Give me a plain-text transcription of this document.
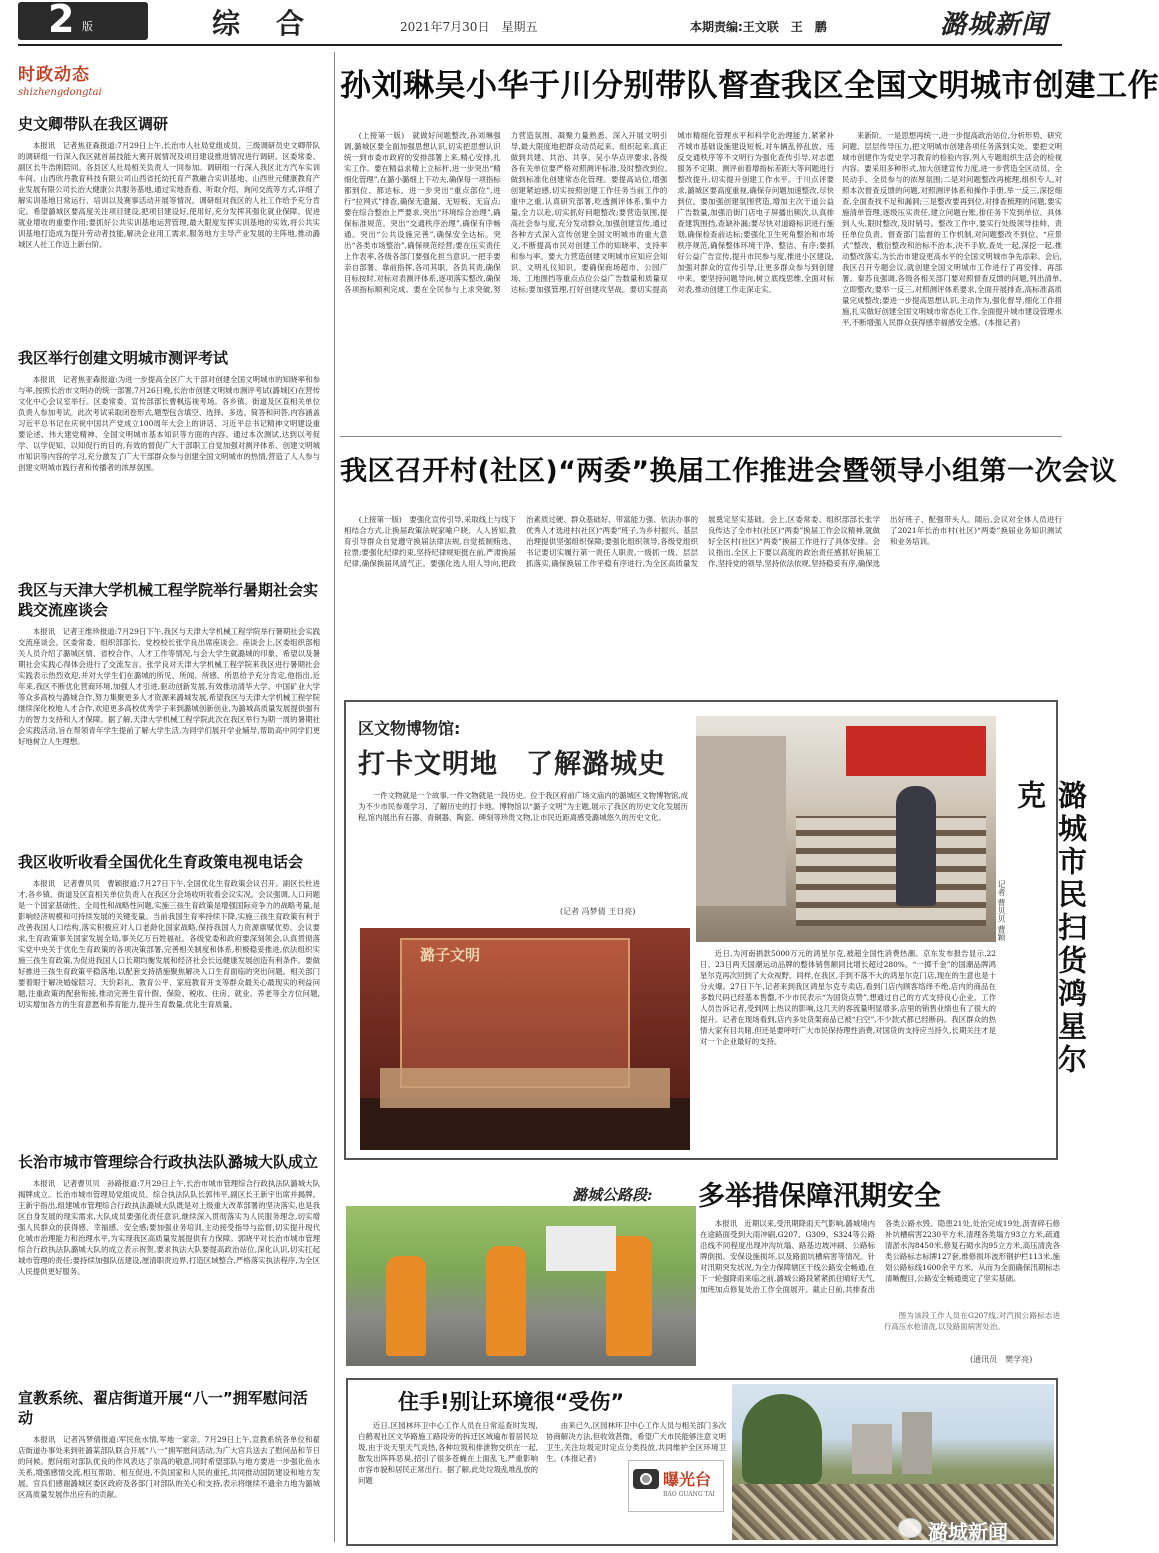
2 版	综　合	2021年7月30日　星期五	本期责编:王文联　王　鹏	潞城新闻
时政动态
shizhengdongtai
史文卿带队在我区调研
本报讯　记者焦亚森报道:7月29日上午,长治市人社局党组成员、三级调研员史文卿带队的调研组一行深入我区就首届技能大赛开展情况及项目建设推进情况进行调研。区委常委、副区长牛浩刚陪同。各县区人社局相关负责人一同参加。调研组一行深入我区北方汽车实训车间、山西欣丹教育科技有限公司山西省托幼托育产教融合实训基地、山西世元健康教育产业发展有限公司长治大健康公共服务基地,通过实地查看、听取介绍、询问交流等方式,详细了解实训基地日常运行、培训以及赛事活动开展等情况。调研组对我区的人社工作给予充分肯定。希望潞城区要高度关注项目建设,把项目建设好,使用好,充分发挥其强化就业保障、促进就业增收的重要作用;要抓好公共实训基地运营管理,最大限度发挥实训基地的实效,将公共实训基地打造成为提升劳动者技能,解决企业用工需求,服务地方主导产业发展的主阵地,推动潞城区人社工作迈上新台阶。
我区举行创建文明城市测评考试
本报讯　记者焦亚森报道:为进一步提高全区广大干部对创建全国文明城市的知晓率和参与率,按照长治市文明办的统一部署,7月26日晚,长治市创建文明城市测评考试(潞城区)在营传文化中心会议室举行。区委常委、宣传部部长曹枫巡视考场。各乡镇、街道及区直相关单位负责人参加考试。此次考试采取闭卷形式,题型包含填空、选择、多选、简答和问答,内容涵盖习近平总书记在庆祝中国共产党成立100周年大会上的讲话、习近平总书记精神文明建设重要论述、伟大建党精神、全国文明城市基本知识等方面的内容。通过本次测试,达到以考促学、以学促知、以知促行的目的,有效的督促广大干部职工自觉加强对测评体系、创建文明城市知识等内容的学习,充分激发了广大干部群众参与创建全国文明城市的热情,营造了人人参与创建文明城市践行者和传播者的浓厚氛围。
我区与天津大学机械工程学院举行暑期社会实践交流座谈会
本报讯　记者王维珍报道:7月29日下午,我区与天津大学机械工程学院举行暑期社会实践交流座谈会。区委常委、组织部部长、党校校长张学良出席座谈会。座谈会上,区委组织部相关人员介绍了潞城区情、省校合作、人才工作等情况,与会大学生就潞城的印象、希望以及暑期社会实践心得体会进行了交流发言。张学良对天津大学机械工程学院来我区进行暑期社会实践表示热烈欢迎,并对大学生们在潞城的所见、所闻、所感、所思给予充分肯定,他指出,近年来,我区不断优化营商环境,加强人才引进,驱动创新发展,有效推动清华大学、中国矿业大学等众多高校与潞城合作,努力集聚更多人才资源来潞城发展,希望我区与天津大学机械工程学院继续深化校地人才合作,欢迎更多高校优秀学子来到潞城创新创业,为潞城高质量发展提供强有力的智力支持和人才保障。据了解,天津大学机械工程学院此次在我区举行为期一周的暑期社会实践活动,旨在帮领青年学生提前了解大学生活,为同学们展开学业辅导,帮助高中同学们更好地树立人生理想。
我区收听收看全国优化生育政策电视电话会
本报讯　记者曹贝贝　曹颖报道:7月27日下午,全国优化生育政策会议召开。副区长杜进才,各乡镇、街道及区直相关单位负责人在我区分会场收听收看会议实况。会议强调,人口问题是一个国家基础性、全局性和战略性问题,实施三孩生育政策是增强国际竞争力的战略考量,是影响经济规模和可持续发展的关键变量。当前我国生育率持续下降,实施三孩生育政策有利于改善我国人口结构,落实积极应对人口老龄化国家战略,保持我国人力资源禀赋优势。会议要求,生育政策事关国家发展全局,事关亿万百姓福祉。各级党委和政府要深刻领会,认真贯彻落实党中央关于优化生育政策的各项决策部署,完善相关制度和体系,积极稳妥推进,依法组织实施三孩生育政策,为促进我国人口长期均衡发展和经济社会长远健康发展创造有利条件。要做好推进三孩生育政策平稳落地,以配套支持措施聚焦解决人口生育面临的突出问题。相关部门要着眼于解决婚嫁陪习、天价彩礼、教育公平、家庭教育开支等群众最关心最现实的利益问题,注重政策的配套衔接,推动完善生育什假、保险、税收、住房、就业、养老等全方位问题,切实增加各方的生育意愿和养育能力,提升生育数量,优化生育质量。
长治市城市管理综合行政执法队潞城大队成立
本报讯　记者曹贝贝　孙路报道:7月29日上午,长治市城市管理综合行政执法队潞城大队揭牌成立。长治市城市管理局党组成员、综合执法队队长郭伟平,副区长王新宇出席并揭牌。王新宇指出,组建城市管理综合行政执法潞城大队既是对上级重大改革部署的坚决落实,也是我区自身发展的现实需求,大队成员要强化责任意识,继续深入贯彻落实为人民服务理念,切实增强人民群众的获得感、幸福感、安全感;要加强业务培训,主动接受指导与监督,切实提升现代化城市治理能力和治理水平,为实现我区高质量发展提供有力保障。郭晓平对长治市城市管理综合行政执法队潞城大队的成立表示祝贺,要求执法大队要提高政治站位,深化认识,切实扛起城市管理的责任;要持续加强队伍建设,厘清职责边界,打造区域整合,严格落实执法程序,为全区人民提供更好服务。
宣教系统、翟店街道开展“八一”拥军慰问活动
本报讯　记者冯梦倩报道:军民鱼水情,军地一家亲。7月29日上午,宣教系统各单位和翟店街道办事处来到驻潞某部队联合开展“八一”拥军慰问活动,为广大官兵送去了慰问品和节日的问候。慰问组对部队优良的作风表达了崇高的敬意,同时希望部队与地方要进一步强化鱼水关系,增强感情交流,相互帮助、相互促进,不负国家和人民的重托,共同推动国防建设和地方发展。官兵们感谢潞城区委区政府及各部门对部队的关心和支持,表示将继续不遗余力地为潞城区高质量发展作出应有的贡献。
孙刘琳吴小华于川分别带队督查我区全国文明城市创建工作
(上接第一版)　就做好问题整改,孙刘琳强调,潞城区要全面加强思想认识,切实把思想认识统一到市委市政府的安排部署上来,精心安排,扎实工作。要在精益求精上立标杆,进一步突出“精细化管理”,在潞小潞细上下功夫,确保每一项指标都到位、都达标。进一步突出“重点部位”,进行“拉网式”排查,确保无遗漏、无短板、无盲点;要在综合整治上严要求,突出“环境综合治理”,确保标准规范。突出“交通秩序治理”,确保有序畅通。突出“公共设施完善”,确保安全达标。突出“各类市场整治”,确保规范经营;要在压实责任上作表率,各级各部门要强化担当意识,一把手要亲自部署、靠前指挥,各司其职、各负其责,确保目标按时,对标对表测评体系,逐项落实整改,确保各项指标顺利完成。要在全民参与上求突破,努力营造氛围、凝聚力量熟悉、深入开展文明引导,最大限度地把群众动员起来、组织起来,真正做到共建、共治、共享。吴小华点评要求,各级各有关单位要严格对照测评标准,及时整改到位,做到标准化创建常态化管理。要提高站位,增强创建紧迫感,切实按照创建工作任务当前工作的重中之重,认真研究部署,吃透测评体系,集中力量,全力以赴,切实抓好问题整改;要营造氛围,提高社会参与度,充分发动群众,加强创建宣传,通过各种方式深入宣传创建全国文明城市的重大意义,不断提高市民对创建工作的知晓率、支持率和参与率。要大力营造创建文明城市应知应会知识、文明礼仪知识。要确保商场超市、公园广场、工地围挡等重点点位公益广告数量和质量双达标;要加强管理,打好创建攻坚战。要切实提高城市精细化管理水平和科学化治理能力,紧紧补齐城市基础设施建设短板,对车辆乱停乱放、违反交通秩序等不文明行为强化查传引导,对志愿服务不定期、测评前着增指标差距大等问题进行整改提升,切实提升创建工作水平。于川点评要求,潞城区要高度重视,确保存问题加速整改,尽快到位。要加强创建氛围营造,增加主次干道公益广告数量,加强沿街门店电子屏播出频次,认真排查建筑围挡,查缺补漏;要尽快对道路标识进行施划,确保检查前达标;要强化卫生死角整治和市场秩序规范,确保整体环境干净、整洁、有序;要抓好公益广告宣传,提升市民参与度,推进小区建设,加强对群众的宣传引导,让更多群众参与到创建中来。要坚持问题导向,树立底线思维,全面对标对表,推动创建工作走深走实。
来新阶。一是思想再统一,进一步提高政治站位,分析形势、研究问题、层层传导压力,把文明城市创建各项任务落到实处。要把文明城市创建作为党史学习教育的检验内容,列入专题组织生活会的检视内容。要采用多种形式,加大创建宣传力度,进一步营造全区动员、全民动手、全员参与的浓厚氛围;二是对问题整改再梳理,组织专人,对照本次督查反馈的问题,对照测评体系和操作手册,举一反三,深挖细查,全面查找不足和漏洞;三是整改要再到位,对排查梳理的问题,要实施清单管理,逐级压实责任,建立问题台账,排任务下发到单位、具体到人头,限时整改,及时销号。整改工作中,要实行处级领导挂帅、责任单位负责、督查部门监督的工作机制,对问题整改不到位、“应景式”整改、敷衍整改和治标不治本,决不手软,查处一起,深挖一起,推动整改落实,为长治市建设更高水平的全国文明城市争先添彩。会后,我区召开专题会议,就创建全国文明城市工作进行了再安排、再部署。秦苏良强调,各级各相关部门要对照督查反馈的问题,列出清单,立即整改;要举一反三,对照测评体系要求,全面开展排查,高标准高质量完成整改;要进一步提高思想认识,主动作为,强化督导,细化工作措施,扎实做好创建全国文明城市常态化工作,全面提升城市建设管理水平,不断增强人民群众获得感幸福感安全感。(本报记者)
我区召开村(社区)“两委”换届工作推进会暨领导小组第一次会议
(上接第一版)　要强化宣传引导,采取线上与线下相结合方式,让换届政策法规家喻户晓、人人皆知,教育引导群众自觉遵守换届法律法规,自觉抵制贿选、拉票;要强化纪律约束,坚持纪律规矩挺在前,严肃换届纪律,确保换届风清气正。要强化选人用人导向,把政治素质过硬、群众基础好、带富能力强、依法办事的优秀人才选进村(社区)“两委”班子,为乡村振兴、基层治理提供坚强组织保障;要强化组织领导,各级党组织书记要切实履行第一责任人职责,一级抓一级、层层抓落实,确保换届工作平稳有序进行,为全区高质量发展奠定坚实基础。会上,区委常委、组织部部长张学良传达了全市村(社区)“两委”换届工作会议精神,就做好全区村(社区)“两委”换届工作进行了具体安排。会议指出,全区上下要以高度的政治责任感抓好换届工作,坚持党的领导,坚持依法依规,坚持稳妥有序,确保选出好班子、配强带头人。随后,会议对全体人员进行了2021年长治市村(社区)“两委”换届业务知识测试和业务培训。
区文物博物馆:
打卡文明地　了解潞城史
一件文物就是一个故事,一件文物就是一段历史。位于我区府前广场文庙内的潞城区文物博物馆,成为不少市民参观学习、了解历史的打卡地。博物馆以“潞子文明”为主题,展示了我区的历史文化发展历程,馆内展出有石器、青铜器、陶瓷、碑刻等珍贵文物,让市民近距离感受潞城悠久的历史文化。
(记者 冯梦倩 王日亮)
潞子文明	潞城市民扫货鸿星尔克
记者 曹贝贝 曹颖
近日,为河南捐款5000万元的鸿星尔克,被超全国性消费热潮。京东发布报告显示,22日、23日两天国潮运动品牌的整体销售额同比增长超过280%。“一掷千金”的国潮品牌鸿星尔克再次回到了大众视野。同样,在我区,手到不落不大的鸿星尔克门店,现在的生意也是十分火爆。27日下午,记者来到我区鸿星尔克专卖店,看到门店内顾客络绎不绝,店内的商品在多数尺码已经基本售罄,不少市民表示“为国货点赞”,想通过自己的方式支持良心企业。工作人员告诉记者,受到网上热议的影响,这几天的客流量明显增多,店里的销售业绩也有了很大的提升。记者在现场看到,店内多处货架商品已被“扫空”,不少款式都已经断码。我区群众的热情大家有目共睹,但还是要呼吁广大市民保持理性消费,对国货的支持应当持久,长期关注才是对一个企业最好的支持。
潞城公路段: 多举措保障汛期安全
本报讯　近期以来,受汛期降雨天气影响,潞城境内在途路面受到大雨冲刷,G207、G309、S324等公路沿线不同程度出现冲沟坑塌、路基边坡冲刷、公路标牌倒损、安保设施损坏,以及路面坑槽病害等情况。针对汛期突发状况,为全力保障辖区干线公路安全畅通,在下一轮强降雨来临之前,潞城公路段紧紧抓住晴好天气,加班加点修复处治工作全面展开。截止日前,共排查出各类公路水毁、隐患21处,处治完成19处,沥青碎石修补坑槽病害2230平方米,清理各类塌方93立方米,疏通清淤水沟8450米,修复石砌水沟95立方米,高压清洗各类公路标志标牌127套,维修损坏波形钢护栏113米,施划公路标线1600余平方米。从而为全面确保汛期标志清晰醒目,公路安全畅通奠定了坚实基础。
图为该段工作人员在G207线,对汽损公路标志进行高压水枪清洗,以及路面病害处治。
(通讯员　樊学亮)
住手!别让环境很“受伤”
近日,区园林环卫中心工作人员在日常巡查时发现,白鹤观社区文华路施工路段旁的拆迁区域遍布着居民垃圾,由于炎天里天气炎热,各种垃圾和排泄物交织在一起,散发出阵阵恶臭,招引了很多苍蝇在上面乱飞,严重影响市容市貌和居民正常出行。据了解,此处垃圾乱堆乱放的问题
由来已久,区园林环卫中心工作人员与相关部门多次协商解决方法,但收效甚微。希望广大市民能够注意文明卫生,关注垃圾定时定点分类投放,共同维护全区环境卫生。(本报记者)
曝光台
BAO GUANG TAI
潞城新闻
